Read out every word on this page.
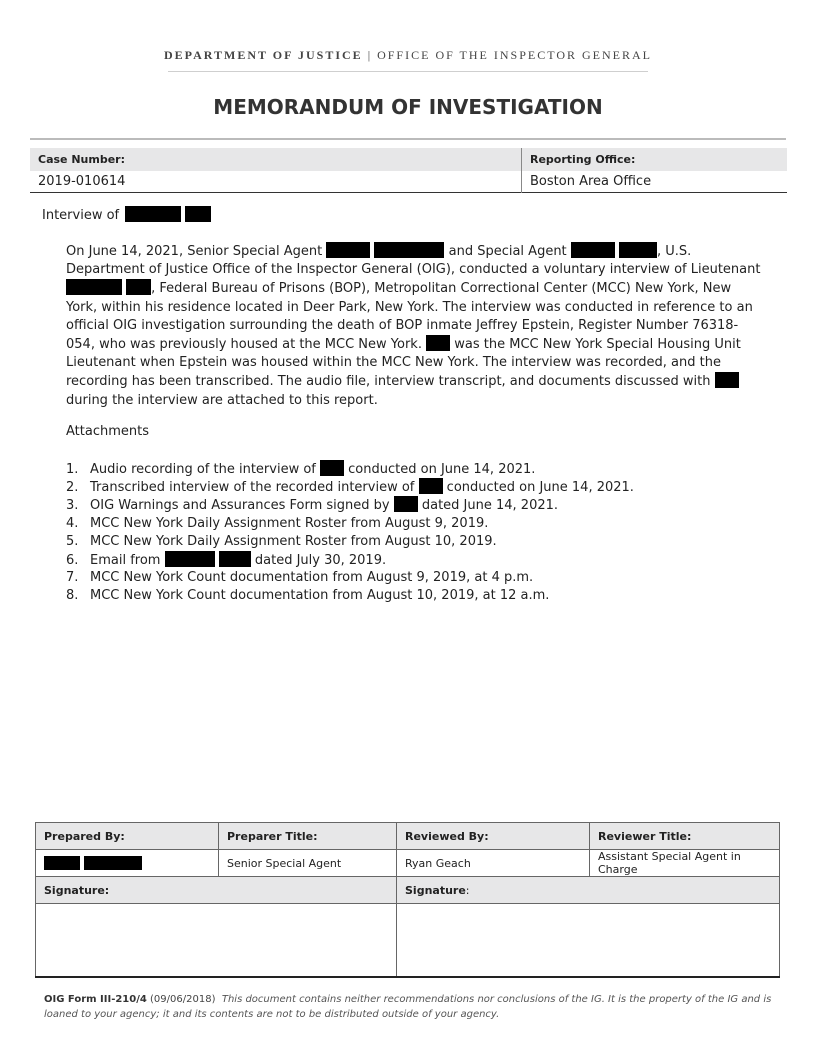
DEPARTMENT OF JUSTICE | OFFICE OF THE INSPECTOR GENERAL
MEMORANDUM OF INVESTIGATION
Case Number:	Reporting Office:
2019-010614	Boston Area Office
Interview of
On June 14, 2021, Senior Special Agent	and Special Agent	, U.S. Department of Justice Office of the Inspector General (OIG), conducted a voluntary interview of Lieutenant  , Federal Bureau of Prisons (BOP), Metropolitan Correctional Center (MCC) New York, New York, within his residence located in Deer Park, New York. The interview was conducted in reference to an official OIG investigation surrounding the death of BOP inmate Jeffrey Epstein, Register Number 76318-054, who was previously housed at the MCC New York. was the MCC New York Special Housing Unit Lieutenant when Epstein was housed within the MCC New York. The interview was recorded, and the recording has been transcribed. The audio file, interview transcript, and documents discussed with  during the interview are attached to this report.
Attachments
1. Audio recording of the interview of conducted on June 14, 2021.
2. Transcribed interview of the recorded interview of conducted on June 14, 2021.
3. OIG Warnings and Assurances Form signed by dated June 14, 2021.
4. MCC New York Daily Assignment Roster from August 9, 2019.
5. MCC New York Daily Assignment Roster from August 10, 2019.
6. Email from	dated July 30, 2019.
7. MCC New York Count documentation from August 9, 2019, at 4 p.m.
8. MCC New York Count documentation from August 10, 2019, at 12 a.m.
Prepared By:	Preparer Title:	Reviewed By:	Reviewer Title:
	Senior Special Agent	Ryan Geach	Assistant Special Agent in Charge
Signature:		Signature:	

OIG Form III-210/4 (09/06/2018) This document contains neither recommendations nor conclusions of the IG. It is the property of the IG and is loaned to your agency; it and its contents are not to be distributed outside of your agency.
